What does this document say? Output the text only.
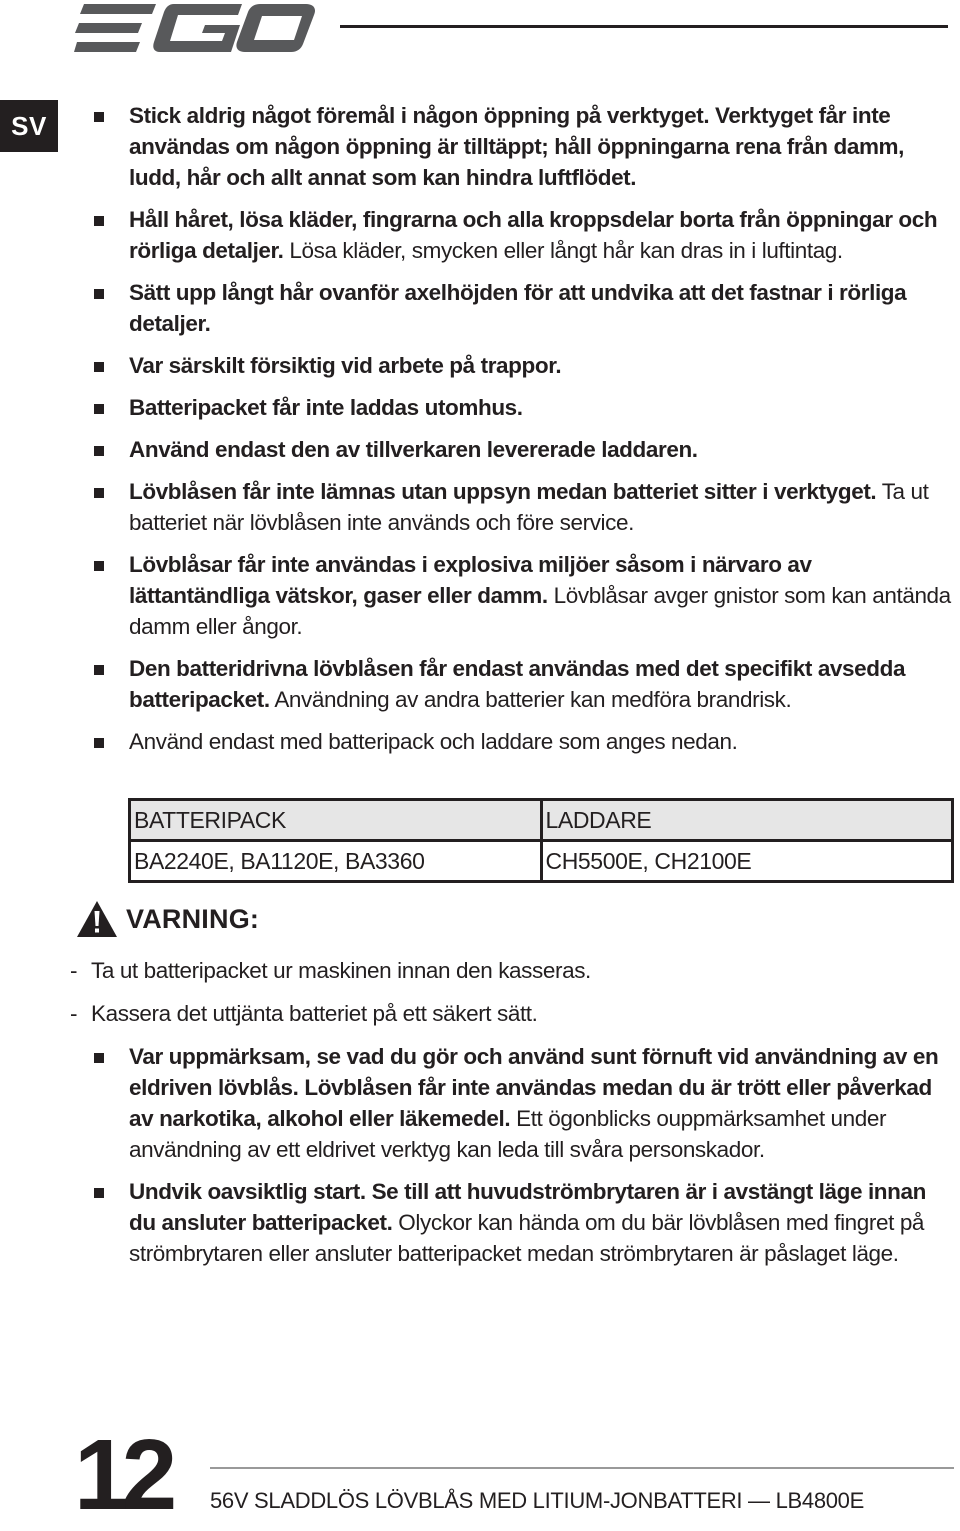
SV	Stick aldrig något föremål i någon öppning på verktyget. Verktyget får inte användas om någon öppning är tilltäppt; håll öppningarna rena från damm, ludd, hår och allt annat som kan hindra luftflödet.
Håll håret, lösa kläder, fingrarna och alla kroppsdelar borta från öppningar och rörliga detaljer. Lösa kläder, smycken eller långt hår kan dras in i luftintag.
Sätt upp långt hår ovanför axelhöjden för att undvika att det fastnar i rörliga detaljer.
Var särskilt försiktig vid arbete på trappor.
Batteripacket får inte laddas utomhus.
Använd endast den av tillverkaren levererade laddaren.
Lövblåsen får inte lämnas utan uppsyn medan batteriet sitter i verktyget. Ta ut batteriet när lövblåsen inte används och före service.
Lövblåsar får inte användas i explosiva miljöer såsom i närvaro av lättantändliga vätskor, gaser eller damm. Lövblåsar avger gnistor som kan antända damm eller ångor.
Den batteridrivna lövblåsen får endast användas med det specifikt avsedda batteripacket. Användning av andra batterier kan medföra brandrisk.
Använd endast med batteripack och laddare som anges nedan.
BATTERIPACK	LADDARE
BA2240E, BA1120E, BA3360	CH5500E, CH2100E
VARNING:
- Ta ut batteripacket ur maskinen innan den kasseras.
- Kassera det uttjänta batteriet på ett säkert sätt.
Var uppmärksam, se vad du gör och använd sunt förnuft vid användning av en eldriven lövblås. Lövblåsen får inte användas medan du är trött eller påverkad av narkotika, alkohol eller läkemedel. Ett ögonblicks ouppmärksamhet under användning av ett eldrivet verktyg kan leda till svåra personskador.
Undvik oavsiktlig start. Se till att huvudströmbrytaren är i avstängt läge innan du ansluter batteripacket. Olyckor kan hända om du bär lövblåsen med fingret på strömbrytaren eller ansluter batteripacket medan strömbrytaren är påslaget läge.
12 56V SLADDLÖS LÖVBLÅS MED LITIUM-JONBATTERI — LB4800E
